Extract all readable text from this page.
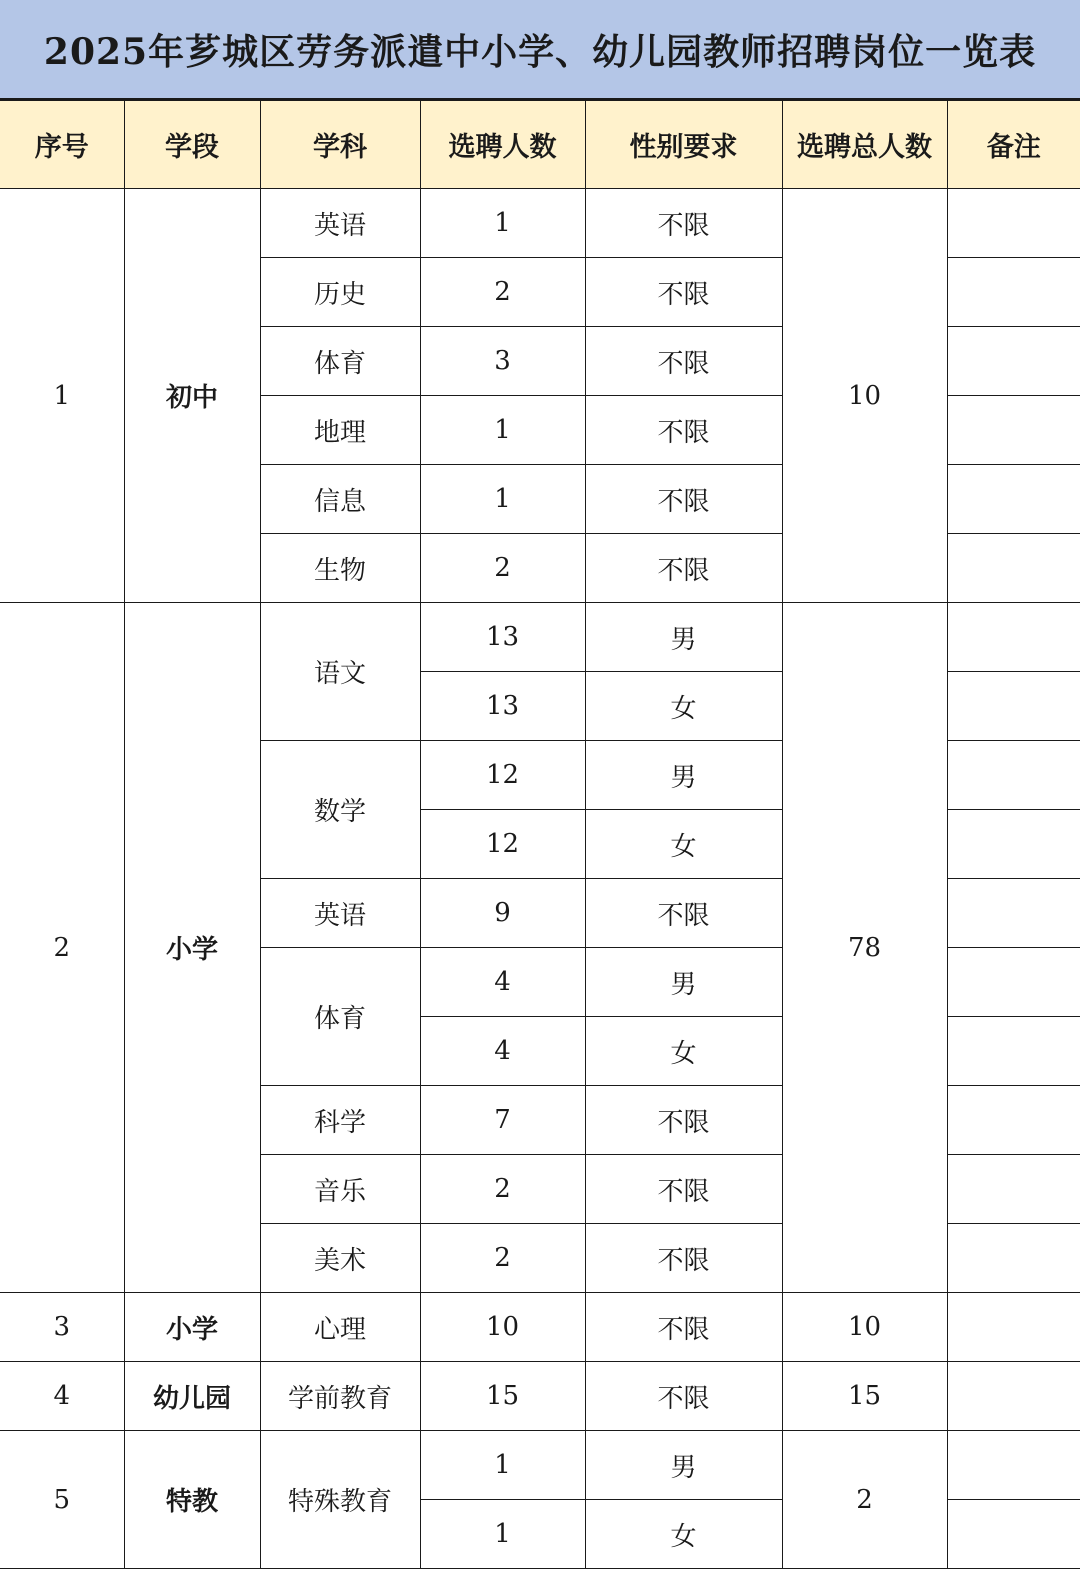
2025年芗城区劳务派遣中小学、幼儿园教师招聘岗位一览表
序号	学段	学科	选聘人数	性别要求	选聘总人数	备注
1	初中	英语	1	不限	10	
		历史	2	不限		
		体育	3	不限		
		地理	1	不限		
		信息	1	不限		
		生物	2	不限		
2	小学	语文	13	男	78	
			13	女		
		数学	12	男		
			12	女		
		英语	9	不限		
		体育	4	男		
			4	女		
		科学	7	不限		
		音乐	2	不限		
		美术	2	不限		
3	小学	心理	10	不限	10	
4	幼儿园	学前教育	15	不限	15	
5	特教	特殊教育	1	男	2	
			1	女		
